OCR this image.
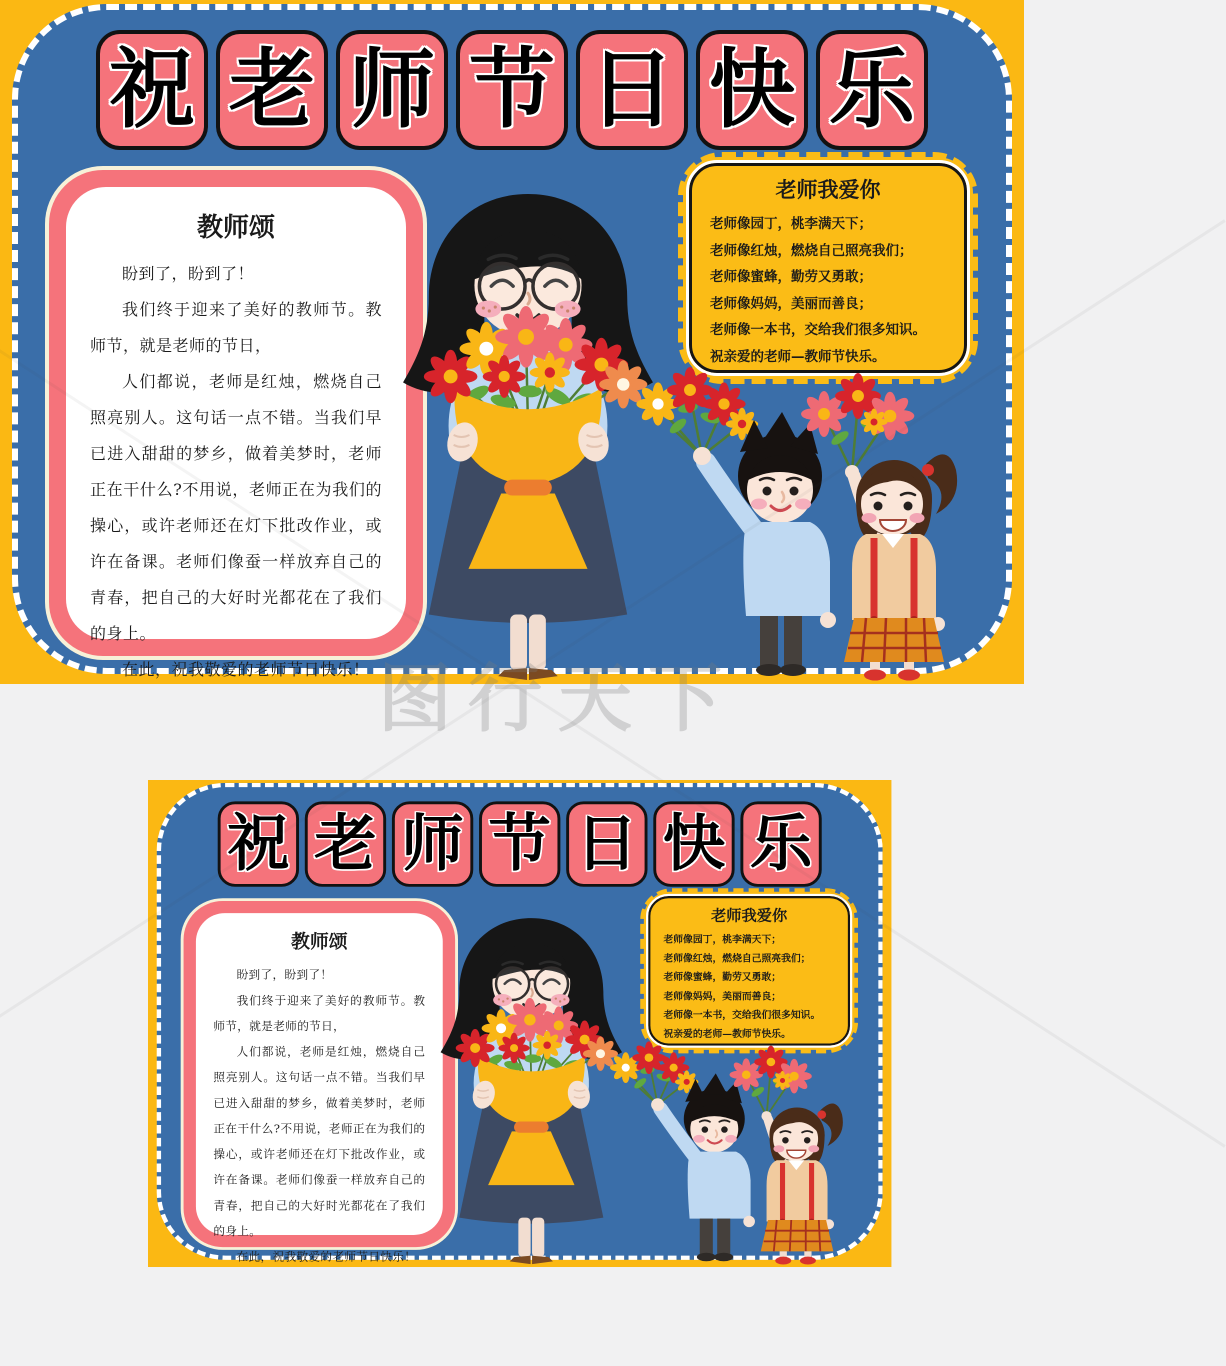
祝 老 师 节 日 快 乐
教师颂

盼到了，盼到了！

我们终于迎来了美好的教师节。教师节，就是老师的节日，

人们都说，老师是红烛，燃烧自己照亮别人。这句话一点不错。当我们早已进入甜甜的梦乡，做着美梦时，老师正在干什么?不用说，老师正在为我们的操心，或许老师还在灯下批改作业，或许在备课。老师们像蚕一样放弃自己的青春，把自己的大好时光都花在了我们的身上。

在此，祝我敬爱的老师节日快乐！

老师我爱你
老师像园丁，桃李满天下；
老师像红烛，燃烧自己照亮我们；
老师像蜜蜂，勤劳又勇敢；
老师像妈妈，美丽而善良；
老师像一本书，交给我们很多知识。
祝亲爱的老师—教师节快乐。
祝 老 师 节 日 快 乐
教师颂

盼到了，盼到了！

我们终于迎来了美好的教师节。教师节，就是老师的节日，

人们都说，老师是红烛，燃烧自己照亮别人。这句话一点不错。当我们早已进入甜甜的梦乡，做着美梦时，老师正在干什么?不用说，老师正在为我们的操心，或许老师还在灯下批改作业，或许在备课。老师们像蚕一样放弃自己的青春，把自己的大好时光都花在了我们的身上。

在此，祝我敬爱的老师节日快乐！

老师我爱你
老师像园丁，桃李满天下；
老师像红烛，燃烧自己照亮我们；
老师像蜜蜂，勤劳又勇敢；
老师像妈妈，美丽而善良；
老师像一本书，交给我们很多知识。
祝亲爱的老师—教师节快乐。
图行天下
